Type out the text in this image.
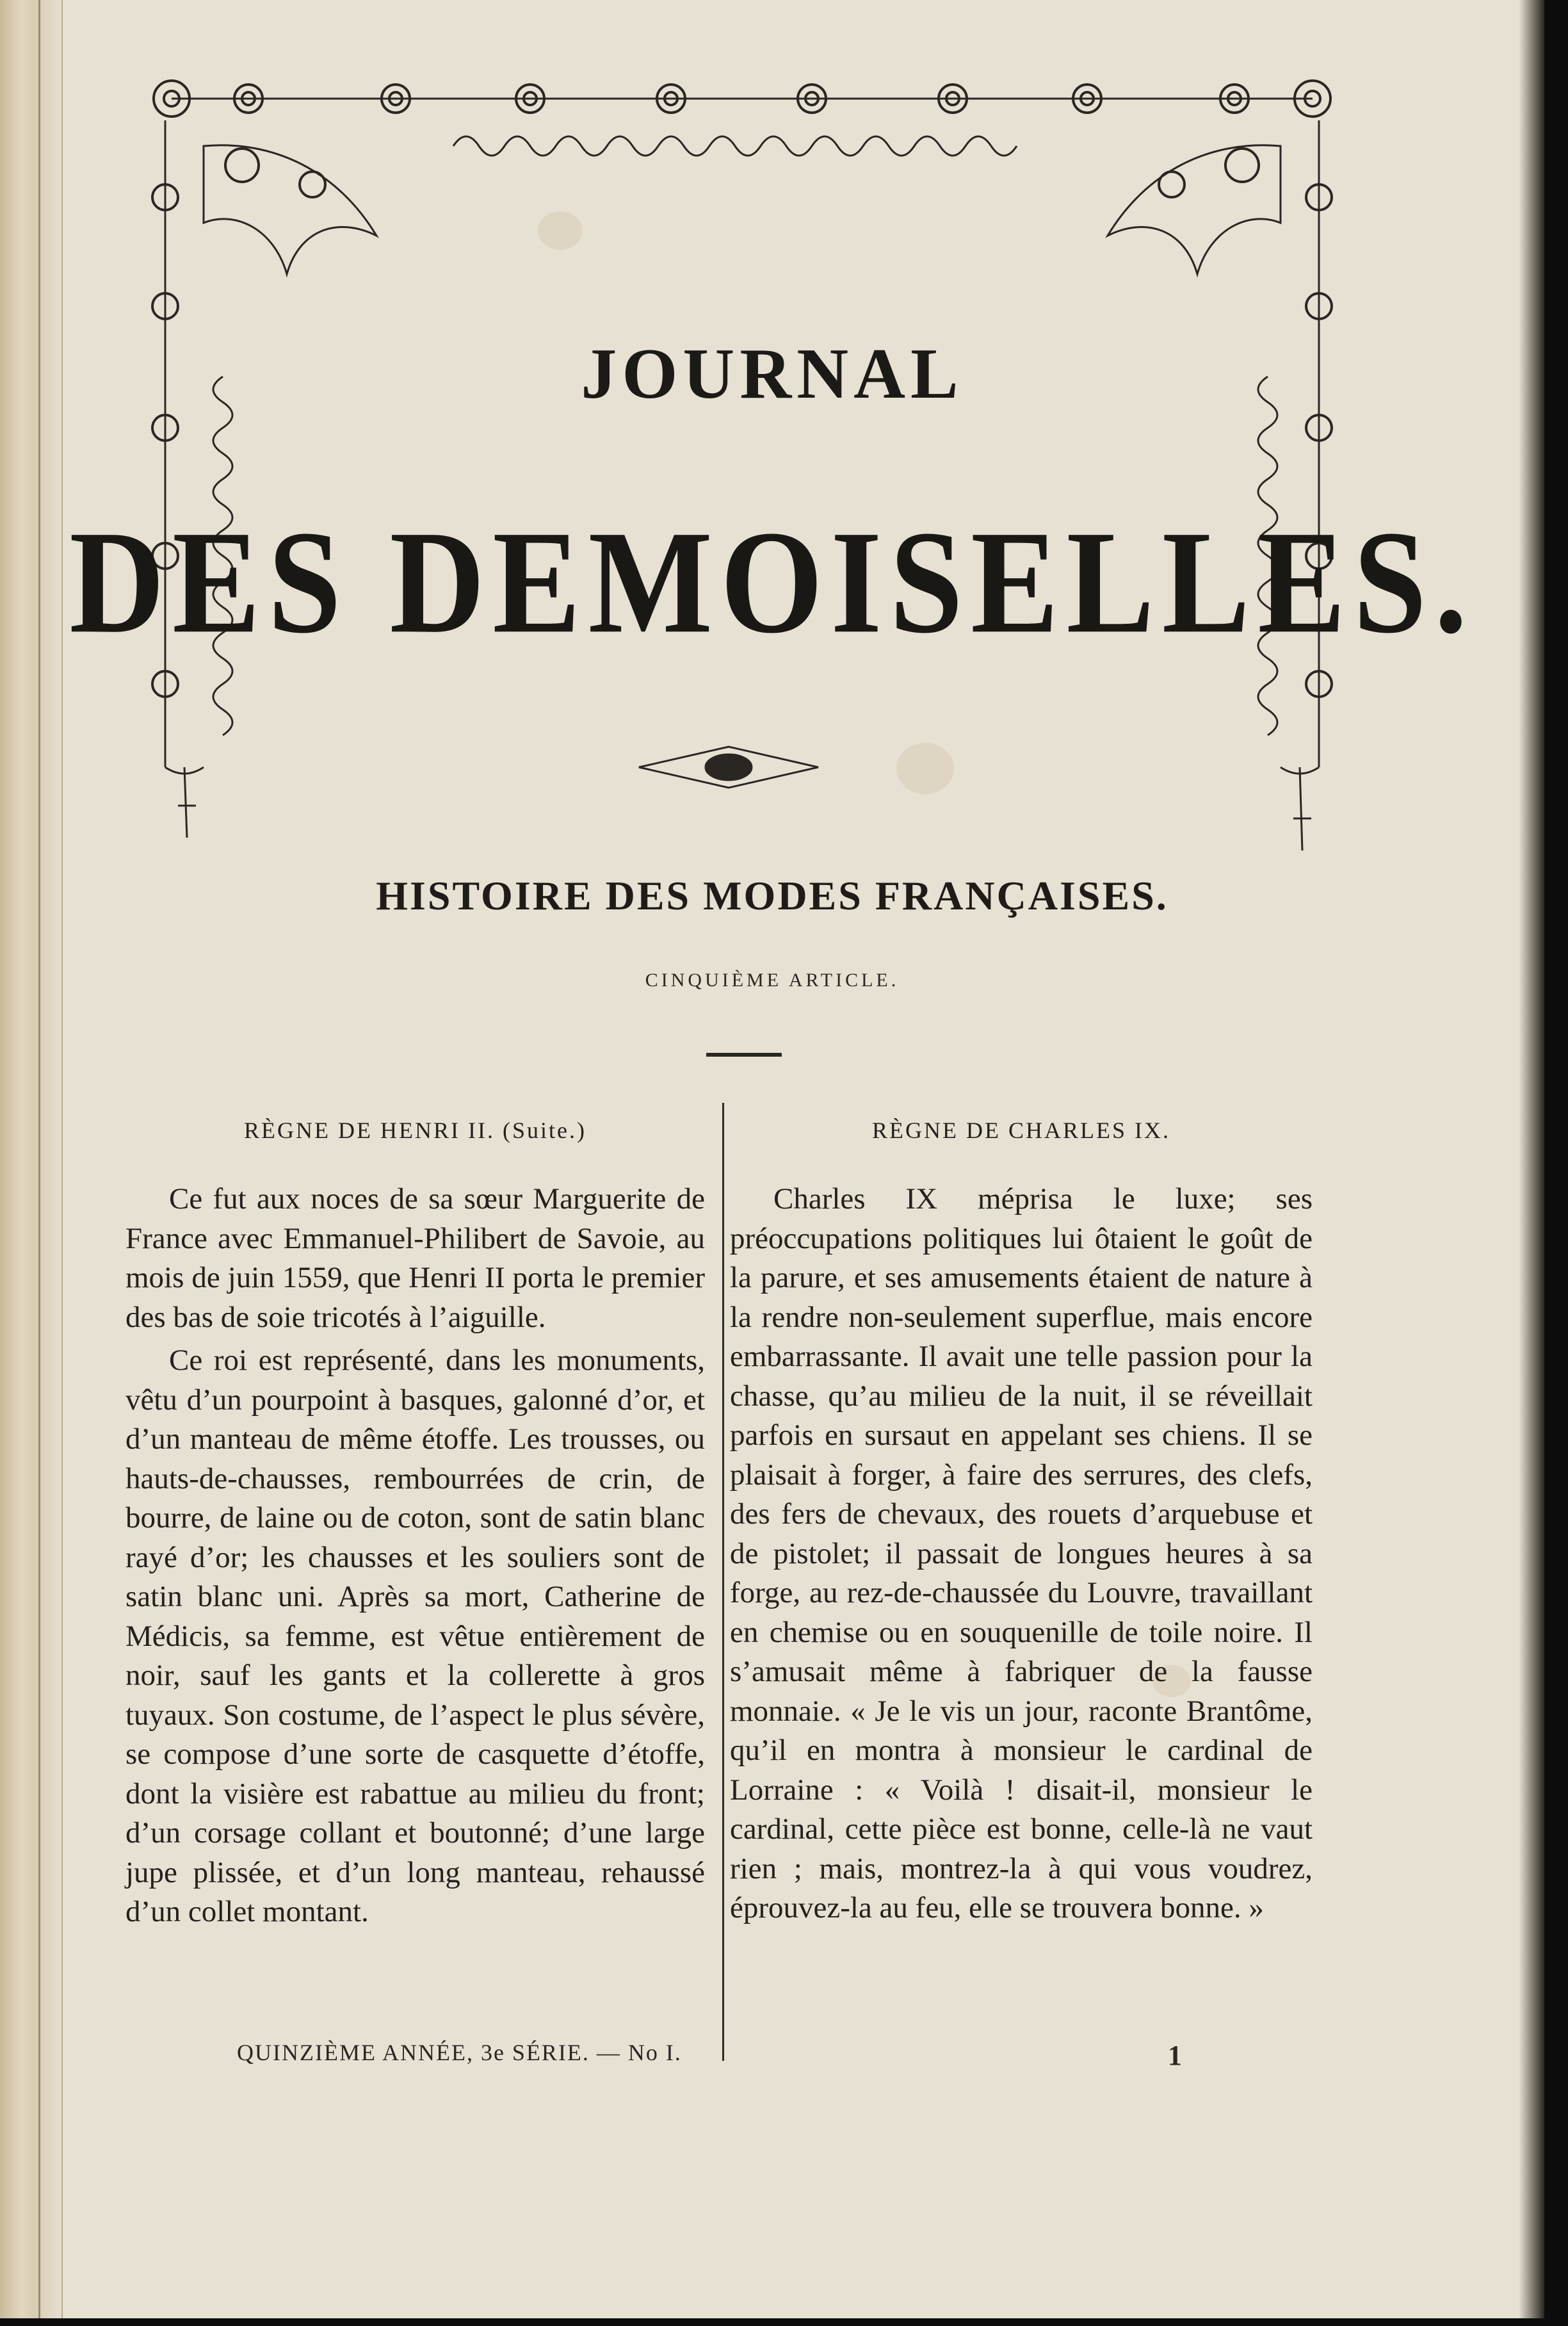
JOURNAL
DES DEMOISELLES.
HISTOIRE DES MODES FRANÇAISES.
CINQUIÈME ARTICLE.
RÈGNE DE HENRI II. (Suite.)

Ce fut aux noces de sa sœur Marguerite de France avec Emmanuel-Philibert de Savoie, au mois de juin 1559, que Henri II porta le premier des bas de soie tricotés à l’aiguille.

Ce roi est représenté, dans les monuments, vêtu d’un pourpoint à basques, galonné d’or, et d’un manteau de même étoffe. Les trousses, ou hauts-de-chausses, rembourrées de crin, de bourre, de laine ou de coton, sont de satin blanc rayé d’or; les chausses et les souliers sont de satin blanc uni. Après sa mort, Catherine de Médicis, sa femme, est vêtue entièrement de noir, sauf les gants et la collerette à gros tuyaux. Son costume, de l’aspect le plus sévère, se compose d’une sorte de casquette d’étoffe, dont la visière est rabattue au milieu du front; d’un corsage collant et boutonné; d’une large jupe plissée, et d’un long manteau, rehaussé d’un collet montant.

RÈGNE DE CHARLES IX.

Charles IX méprisa le luxe; ses préoccupations politiques lui ôtaient le goût de la parure, et ses amusements étaient de nature à la rendre non-seulement superflue, mais encore embarrassante. Il avait une telle passion pour la chasse, qu’au milieu de la nuit, il se réveillait parfois en sursaut en appelant ses chiens. Il se plaisait à forger, à faire des serrures, des clefs, des fers de chevaux, des rouets d’arquebuse et de pistolet; il passait de longues heures à sa forge, au rez-de-chaussée du Louvre, travaillant en chemise ou en souquenille de toile noire. Il s’amusait même à fabriquer de la fausse monnaie. « Je le vis un jour, raconte Brantôme, qu’il en montra à monsieur le cardinal de Lorraine : « Voilà ! disait-il, monsieur le cardinal, cette pièce est bonne, celle-là ne vaut rien ; mais, montrez-la à qui vous voudrez, éprouvez-la au feu, elle se trouvera bonne. »

QUINZIÈME ANNÉE, 3e SÉRIE. — No I.	1
